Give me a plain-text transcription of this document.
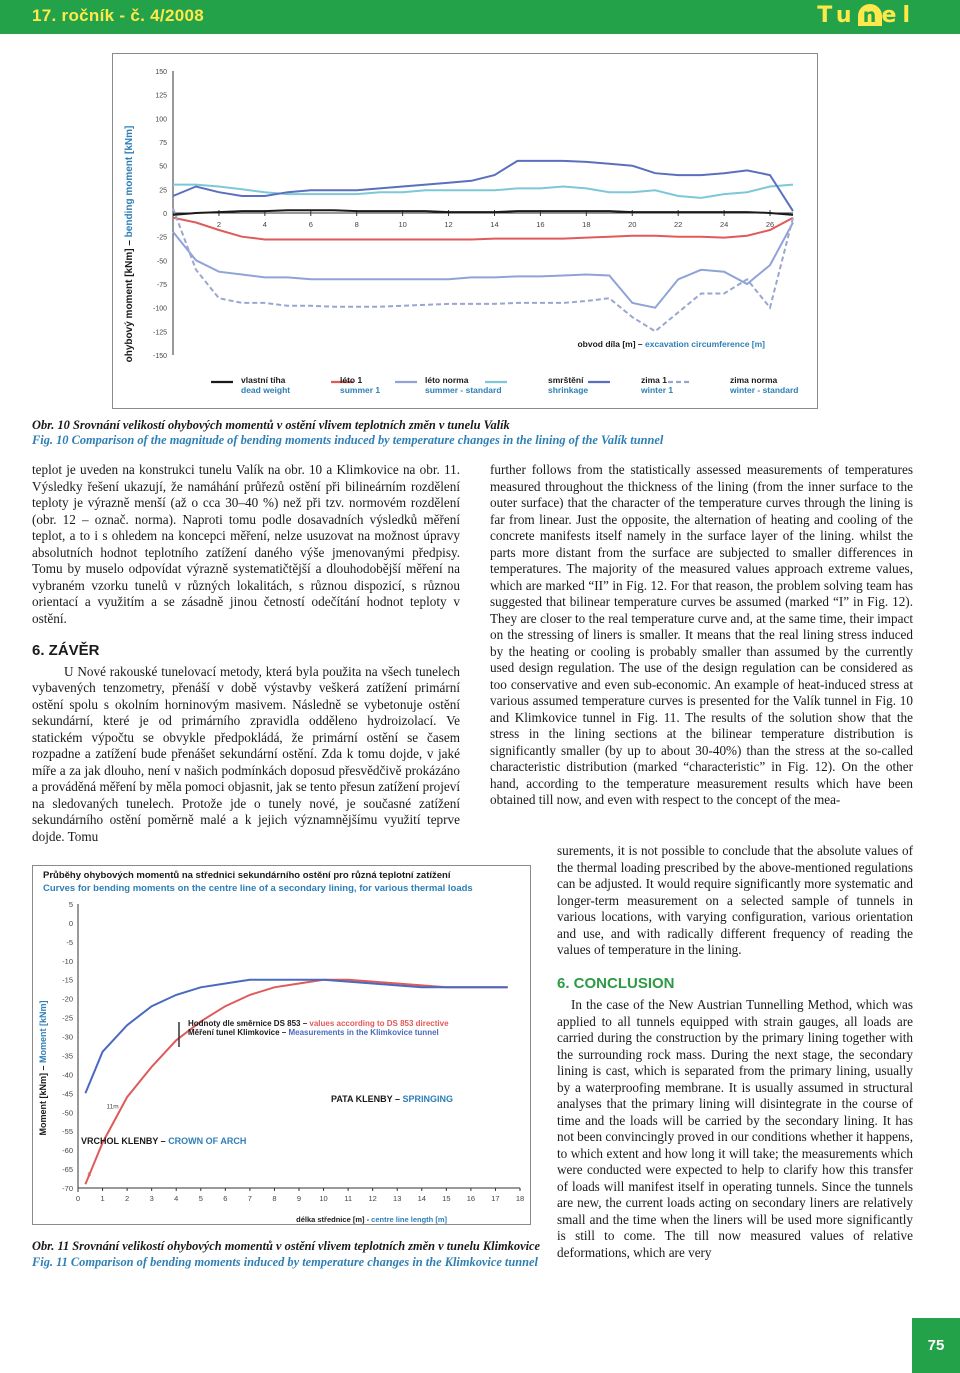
17. ročník - č. 4/2008	Tu n el
150
125
100
75
50
25
0
-25
-50
-75
-100
-125
-150
2	4	6	8	10	12	14	16	18	20	22	24	26
ohybový moment [kNm] – bending moment [kNm]
obvod díla [m] – excavation circumference [m]
vlastní tíha
dead weight
léto 1
summer 1
léto norma
summer - standard
smrštění
shrinkage
zima 1
winter 1
zima norma
winter - standard
Obr. 10 Srovnání velikostí ohybových momentů v ostění vlivem teplotních změn v tunelu Valík
Fig. 10 Comparison of the magnitude of bending moments induced by temperature changes in the lining of the Valík tunnel

teplot je uveden na konstrukci tunelu Valík na obr. 10 a Klimkovice na obr. 11. Výsledky řešení ukazují, že namáhání průřezů ostění při bilineárním rozdělení teploty je výrazně menší (až o cca 30–40 %) než při tzv. normovém rozdělení (obr. 12 – označ. norma). Naproti tomu podle dosavadních výsledků měření teplot, a to i s ohledem na koncepci měření, nelze usuzovat na možnost úpravy absolutních hodnot teplotního zatížení daného výše jmenovanými předpisy. Tomu by muselo odpovídat výrazně systematičtější a dlouhodobější měření na vybraném vzorku tunelů v různých lokalitách, s různou dispozicí, s různou orientací a využitím a se zásadně jinou četností odečítání hodnot teploty v ostění.

6. ZÁVĚR

U Nové rakouské tunelovací metody, která byla použita na všech tunelech vybavených tenzometry, přenáší v době výstavby veškerá zatížení primární ostění spolu s okolním horninovým masivem. Následně se vybetonuje ostění sekundární, které je od primárního zpravidla odděleno hydroizolací. Ve statickém výpočtu se obvykle předpokládá, že primární ostění se časem rozpadne a zatížení bude přenášet sekundární ostění. Zda k tomu dojde, v jaké míře a za jak dlouho, není v našich podmínkách doposud přesvědčivě prokázáno a prováděná měření by měla pomoci objasnit, jak se tento přesun zatížení projeví na sledovaných tunelech. Protože jde o tunely nové, je současné zatížení sekundárního ostění poměrně malé a k jejich významnějšímu využití teprve dojde. Tomu

further follows from the statistically assessed measurements of temperatures measured throughout the thickness of the lining (from the inner surface to the outer surface) that the character of the temperature curves through the lining is far from linear. Just the opposite, the alternation of heating and cooling of the concrete manifests itself namely in the surface layer of the lining. whilst the parts more distant from the surface are subjected to smaller differences in temperatures. The majority of the measured values approach extreme values, which are marked “II” in Fig. 12. For that reason, the problem solving team has suggested that bilinear temperature curves be assumed (marked “I” in Fig. 12). They are closer to the real temperature curve and, at the same time, their impact on the stressing of liners is smaller. It means that the real lining stress induced by the heating or cooling is probably smaller than assumed by the currently used design regulation. The use of the design regulation can be considered as too conservative and even sub-economic. An example of heat-induced stress at various assumed temperature curves is presented for the Valík tunnel in Fig. 10 and Klimkovice tunnel in Fig. 11. The results of the solution show that the stress in the lining sections at the bilinear temperature distribution is significantly smaller (by up to about 30-40%) than the stress at the so-called characteristic distribution (marked “characteristic” in Fig. 12). On the other hand, according to the temperature measurement results which have been obtained till now, and even with respect to the concept of the mea-

surements, it is not possible to conclude that the absolute values of the thermal loading prescribed by the above-mentioned regulations can be adjusted. It would require significantly more systematic and longer-term measurement on a selected sample of tunnels in various locations, with varying configuration, various orientation and use, and with radically different frequency of reading the values of temperature in the lining.

6. CONCLUSION

In the case of the New Austrian Tunnelling Method, which was applied to all tunnels equipped with strain gauges, all loads are carried during the construction by the primary lining together with the surrounding rock mass. During the next stage, the secondary lining is cast, which is separated from the primary lining, usually by a waterproofing membrane. It is usually assumed in structural analyses that the primary lining will disintegrate in the course of time and the loads will be carried by the secondary lining. It has not been convincingly proved in our conditions whether it happens, to which extent and how long it will take; the measurements which were conducted were expected to help to clarify how this transfer of loads will manifest itself in operating tunnels. Since the tunnels are new, the current loads acting on secondary liners are relatively small and the time when the liners will be used more significantly is still to come. The till now measured values of relative deformations, which are very

Průběhy ohybových momentů na střednici sekundárního ostění pro různá teplotní zatížení
Curves for bending moments on the centre line of a secondary lining, for various thermal loads
-70
-65
-60
-55
-50
-45
-40
-35
-30
-25
-20
-15
-10
-5
0
5
0	1	2	3	4	5	6	7	8	9 10 11 12 13 14 15 16 17 18
8
11m
Moment [kNm] – Moment [kNm]	Hodnoty dle směrnice DS 853 – values according to DS 853 directive
Měření tunel Klimkovice – Measurements in the Klimkovice tunnel
PATA KLENBY – SPRINGING
VRCHOL KLENBY – CROWN OF ARCH
délka střednice [m] - centre line length [m]
Obr. 11 Srovnání velikostí ohybových momentů v ostění vlivem teplotních změn v tunelu Klimkovice
Fig. 11 Comparison of bending moments induced by temperature changes in the Klimkovice tunnel
75
